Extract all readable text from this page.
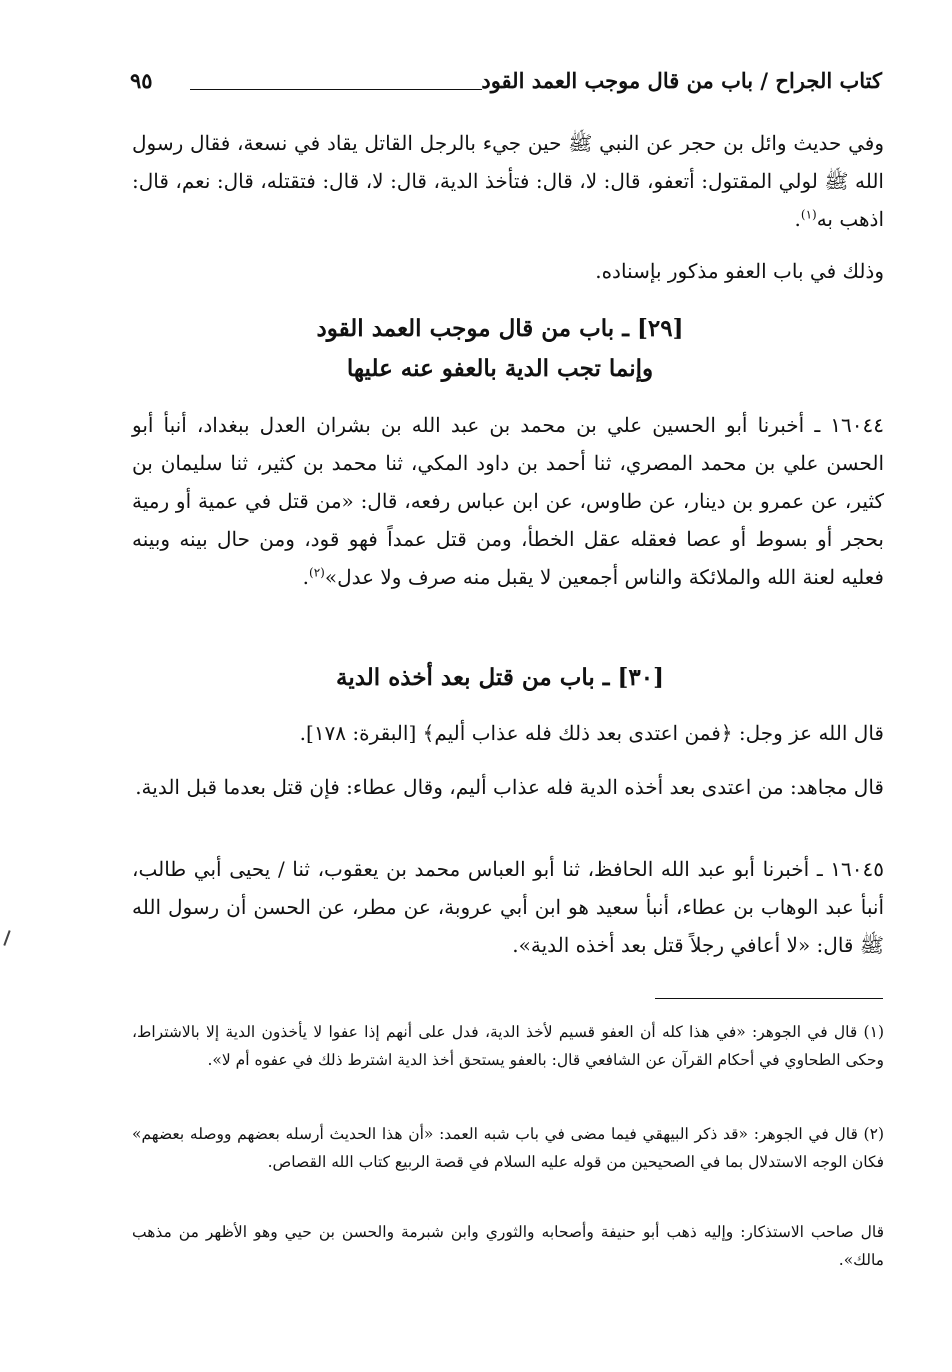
كتاب الجراح / باب من قال موجب العمد القود
٩٥
وفي حديث وائل بن حجر عن النبي ﷺ حين جيء بالرجل القاتل يقاد في نسعة، فقال رسول الله ﷺ لولي المقتول: أتعفو، قال: لا، قال: فتأخذ الدية، قال: لا، قال: فتقتله، قال: نعم، قال: اذهب به$^{(١)}$.
وذلك في باب العفو مذكور بإسناده.
[٢٩] ـ باب من قال موجب العمد القود
وإنما تجب الدية بالعفو عنه عليها
١٦٠٤٤ ـ أخبرنا أبو الحسين علي بن محمد بن عبد الله بن بشران العدل ببغداد، أنبأ أبو الحسن علي بن محمد المصري، ثنا أحمد بن داود المكي، ثنا محمد بن كثير، ثنا سليمان بن كثير، عن عمرو بن دينار، عن طاوس، عن ابن عباس رفعه، قال: «من قتل في عمية أو رمية بحجر أو بسوط أو عصا فعقله عقل الخطأ، ومن قتل عمداً فهو قود، ومن حال بينه وبينه فعليه لعنة الله والملائكة والناس أجمعين لا يقبل منه صرف ولا عدل»$^{(٢)}$.
[٣٠] ـ باب من قتل بعد أخذه الدية
قال الله عز وجل: ﴿فمن اعتدى بعد ذلك فله عذاب أليم﴾ [البقرة: ١٧٨].
قال مجاهد: من اعتدى بعد أخذه الدية فله عذاب أليم، وقال عطاء: فإن قتل بعدما قبل الدية.
١٦٠٤٥ ـ أخبرنا أبو عبد الله الحافظ، ثنا أبو العباس محمد بن يعقوب، ثنا / يحيى أبي طالب، أنبأ عبد الوهاب بن عطاء، أنبأ سعيد هو ابن أبي عروبة، عن مطر، عن الحسن أن رسول الله ﷺ قال: «لا أعافي رجلاً قتل بعد أخذه الدية».
(١) قال في الجوهر: «في هذا كله أن العفو قسيم لأخذ الدية، فدل على أنهم إذا عفوا لا يأخذون الدية إلا بالاشتراط، وحكى الطحاوي في أحكام القرآن عن الشافعي قال: بالعفو يستحق أخذ الدية اشترط ذلك في عفوه أم لا».
(٢) قال في الجوهر: «قد ذكر البيهقي فيما مضى في باب شبه العمد: «أن هذا الحديث أرسله بعضهم ووصله بعضهم» فكان الوجه الاستدلال بما في الصحيحين من قوله عليه السلام في قصة الربيع كتاب الله القصاص.
قال صاحب الاستذكار: وإليه ذهب أبو حنيفة وأصحابه والثوري وابن شبرمة والحسن بن حيي وهو الأظهر من مذهب مالك».
